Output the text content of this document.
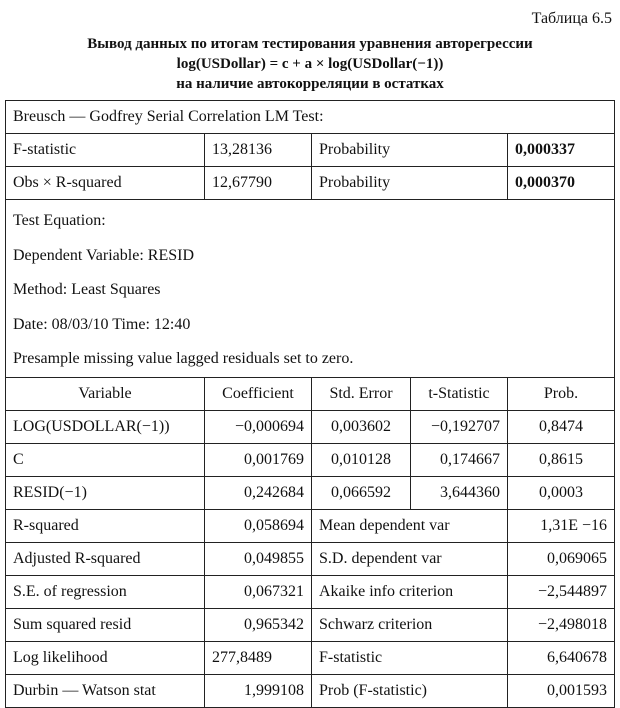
Таблица 6.5
Вывод данных по итогам тестирования уравнения авторегрессии
log(USDollar) = c + a × log(USDollar(−1))
на наличие автокорреляции в остатках
Breusch — Godfrey Serial Correlation LM Test:				
F-statistic	13,28136	Probability		0,000337
Obs × R-squared	12,67790	Probability		0,000370

Test Equation:
Dependent Variable: RESID
Method: Least Squares
Date: 08/03/10 Time: 12:40
Presample missing value lagged residuals set to zero.				

Variable	Coefficient	Std. Error	t-Statistic	Prob.
LOG(USDOLLAR(−1))	−0,000694	0,003602	−0,192707	0,8474
C	0,001769	0,010128	0,174667	0,8615
RESID(−1)	0,242684	0,066592	3,644360	0,0003
R-squared	0,058694	Mean dependent var		1,31E −16
Adjusted R-squared	0,049855	S.D. dependent var		0,069065
S.E. of regression	0,067321	Akaike info criterion		−2,544897
Sum squared resid	0,965342	Schwarz criterion		−2,498018
Log likelihood	277,8489	F-statistic		6,640678
Durbin — Watson stat	1,999108	Prob (F-statistic)		0,001593
